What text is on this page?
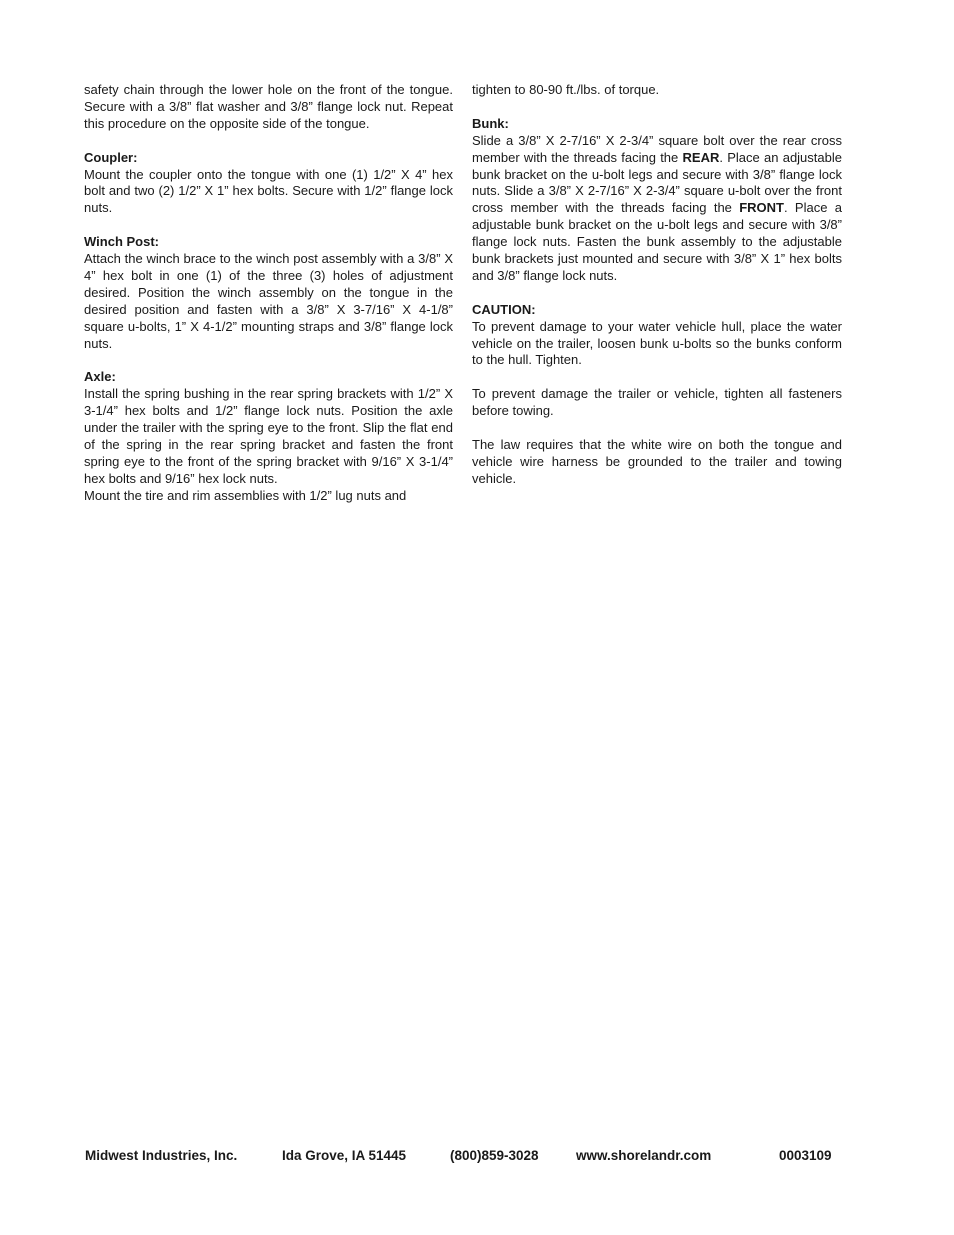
safety chain through the lower hole on the front of the tongue. Secure with a 3/8” flat washer and 3/8” flange lock nut. Repeat this procedure on the opposite side of the tongue.

Coupler:

Mount the coupler onto the tongue with one (1) 1/2” X 4” hex bolt and two (2) 1/2” X 1” hex bolts. Secure with 1/2” flange lock nuts.

Winch Post:

Attach the winch brace to the winch post assembly with a 3/8” X 4” hex bolt in one (1) of the three (3) holes of adjustment desired. Position the winch assembly on the tongue in the desired position and fasten with a 3/8” X 3-7/16” X 4-1/8” square u-bolts, 1” X 4-1/2” mounting straps and 3/8” flange lock nuts.

Axle:

Install the spring bushing in the rear spring brackets with 1/2” X 3-1/4” hex bolts and 1/2” flange lock nuts. Position the axle under the trailer with the spring eye to the front. Slip the flat end of the spring in the rear spring bracket and fasten the front spring eye to the front of the spring bracket with 9/16” X 3-1/4” hex bolts and 9/16” hex lock nuts.

Mount the tire and rim assemblies with 1/2” lug nuts and

tighten to 80-90 ft./lbs. of torque.

Bunk:

Slide a 3/8” X 2-7/16” X 2-3/4” square bolt over the rear cross member with the threads facing the REAR. Place an adjustable bunk bracket on the u-bolt legs and secure with 3/8” flange lock nuts. Slide a 3/8” X 2-7/16” X 2-3/4” square u-bolt over the front cross member with the threads facing the FRONT. Place a adjustable bunk bracket on the u-bolt legs and secure with 3/8” flange lock nuts. Fasten the bunk assembly to the adjustable bunk brackets just mounted and secure with 3/8” X 1” hex bolts and 3/8” flange lock nuts.

CAUTION:

To prevent damage to your water vehicle hull, place the water vehicle on the trailer, loosen bunk u-bolts so the bunks conform to the hull. Tighten.

To prevent damage the trailer or vehicle, tighten all fasteners before towing.

The law requires that the white wire on both the tongue and vehicle wire harness be grounded to the trailer and towing vehicle.

Midwest Industries, Inc.	Ida Grove, IA 51445	(800)859-3028	www.shorelandr.com	0003109
